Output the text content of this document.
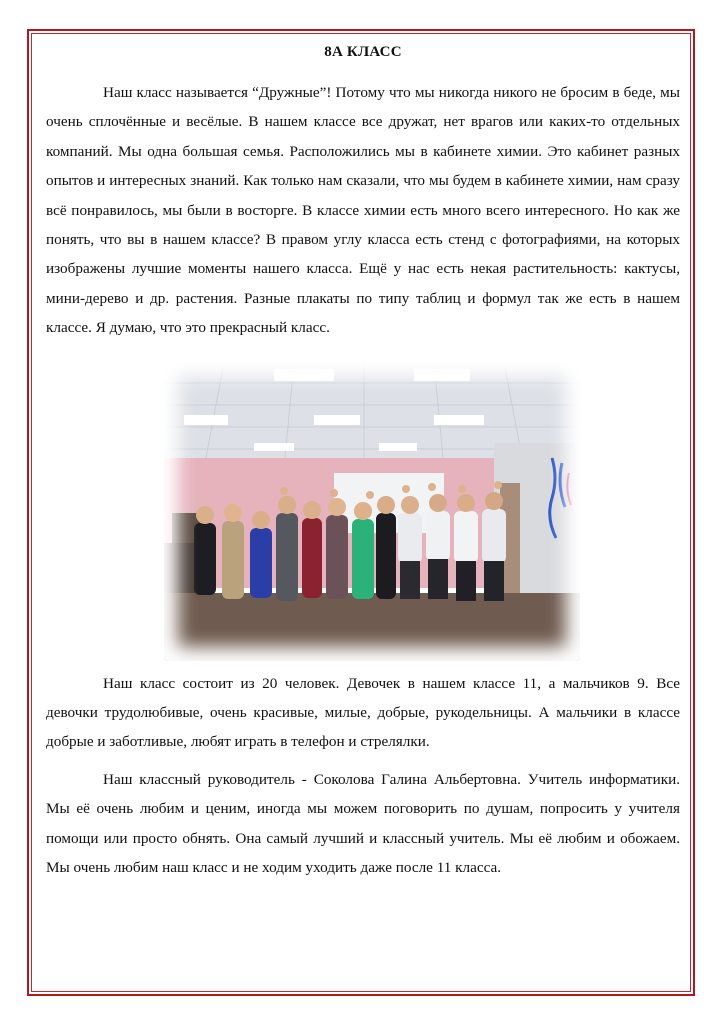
8А КЛАСС

Наш класс называется “Дружные”! Потому что мы никогда никого не бросим в беде, мы очень сплочённые и весёлые. В нашем классе все дружат, нет врагов или каких-то отдельных компаний. Мы одна большая семья. Расположились мы в кабинете химии. Это кабинет разных опытов и интересных знаний. Как только нам сказали, что мы будем в кабинете химии, нам сразу всё понравилось, мы были в восторге. В классе химии есть много всего интересного. Но как же понять, что вы в нашем классе? В правом углу класса есть стенд с фотографиями, на которых изображены лучшие моменты нашего класса. Ещё у нас есть некая растительность: кактусы, мини-дерево и др. растения. Разные плакаты по типу таблиц и формул так же есть в нашем классе. Я думаю, что это прекрасный класс.

Наш класс состоит из 20 человек. Девочек в нашем классе 11, а мальчиков 9. Все девочки трудолюбивые, очень красивые, милые, добрые, рукодельницы. А мальчики в классе добрые и заботливые, любят играть в телефон и стрелялки.

Наш классный руководитель - Соколова Галина Альбертовна. Учитель информатики. Мы её очень любим и ценим, иногда мы можем поговорить по душам, попросить у учителя помощи или просто обнять. Она самый лучший и классный учитель. Мы её любим и обожаем. Мы очень любим наш класс и не ходим уходить даже после 11 класса.
